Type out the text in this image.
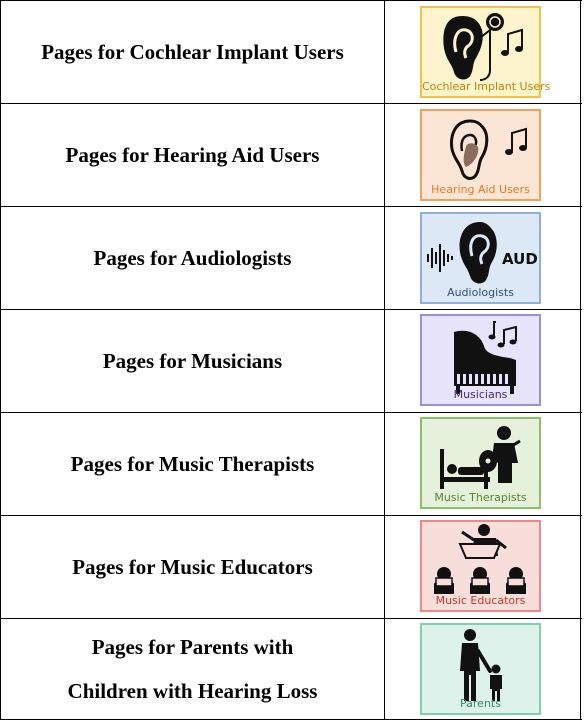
Pages for Cochlear Implant Users
Cochlear Implant Users
Pages for Hearing Aid Users
Hearing Aid Users
Pages for Audiologists	AUD
Audiologists
Pages for Musicians
Musicians
Pages for Music Therapists
Music Therapists
Pages for Music Educators
Music Educators
Pages for Parents with
Children with Hearing Loss
Parents
